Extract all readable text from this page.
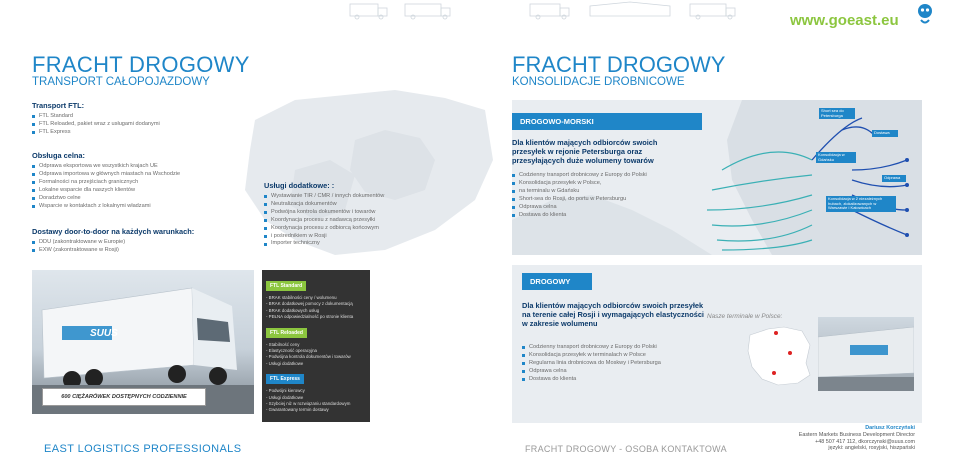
www.goeast.eu
FRACHT DROGOWY
TRANSPORT CAŁOPOJAZDOWY
Transport FTL:
FTL Standard
FTL Reloaded, pakiet wraz z usługami dodanymi
FTL Express
Obsługa celna:
Odprawa eksportowa we wszystkich krajach UE
Odprawa importowa w głównych miastach na Wschodzie
Formalności na przejściach granicznych
Lokalne wsparcie dla naszych klientów
Doradztwo celne
Wsparcie w kontaktach z lokalnymi władzami
Dostawy door-to-door na każdych warunkach:
DDU (zakontraktowane w Europie)
EXW (zakontraktowane w Rosji)
Usługi dodatkowe: :
Wystawianie TIR / CMR / innych dokumentów
Neutralizacja dokumentów
Podwójna kontrola dokumentów i towarów
Koordynacja procesu z nadawcą przesyłki
Koordynacja procesu z odbiorcą końcowym
i pośrednikiem w Rosji
Importer techniczny
SUUS
600 CIĘŻARÓWEK DOSTĘPNYCH CODZIENNIE
FTL Standard
- BRAK stabilności ceny / wolumenu
- BRAK dodatkowej pomocy z dokumentacją
- BRAK dodatkowych usług
- PEŁNA odpowiedzialność po stronie klienta
FTL Reloaded
- Stabilność ceny
- Elastyczność operacyjna
- Podwójna kontrola dokumentów i towarów
- Usługi dodatkowe
FTL Express
- Podwójni kierowcy
- Usługi dodatkowe
- Szybciej niż w rozwiązaniu standardowym
- Gwarantowany termin dostawy
EAST LOGISTICS PROFESSIONALS
FRACHT DROGOWY
KONSOLIDACJE DROBNICOWE
DROGOWO-MORSKI
Dla klientów mających odbiorców swoich przesyłek w rejonie Petersburga oraz przesyłających duże wolumeny towarów
Codzienny transport drobnicowy z Europy do Polski
Konsolidacja przesyłek w Polsce,
na terminalu w Gdańsku
Short-sea do Rosji, do portu w Petersburgu
Odprawa celna
Dostawa do klienta
Short sea do Petersburga
Dostawa
Konsolidacja w Gdańsku
Odprawa
Konsolidacja w 2 niezależnych hubach, zlokalizowanych w Warszawie i Katowicach
DROGOWY
Dla klientów mających odbiorców swoich przesyłek na terenie całej Rosji i wymagających elastyczności w zakresie wolumenu
Codzienny transport drobnicowy z Europy do Polski
Konsolidacja przesyłek w terminalach w Polsce
Regularna linia drobnicowa do Moskwy i Petersburga
Odprawa celna
Dostawa do klienta
Nasze terminale w Polsce:
FRACHT DROGOWY - OSOBA KONTAKTOWA
Dariusz Korczyński
Eastern Markets Business Development Director
+48 507 417 112, dkorczynski@suus.com
języki: angielski, rosyjski, hiszpański
